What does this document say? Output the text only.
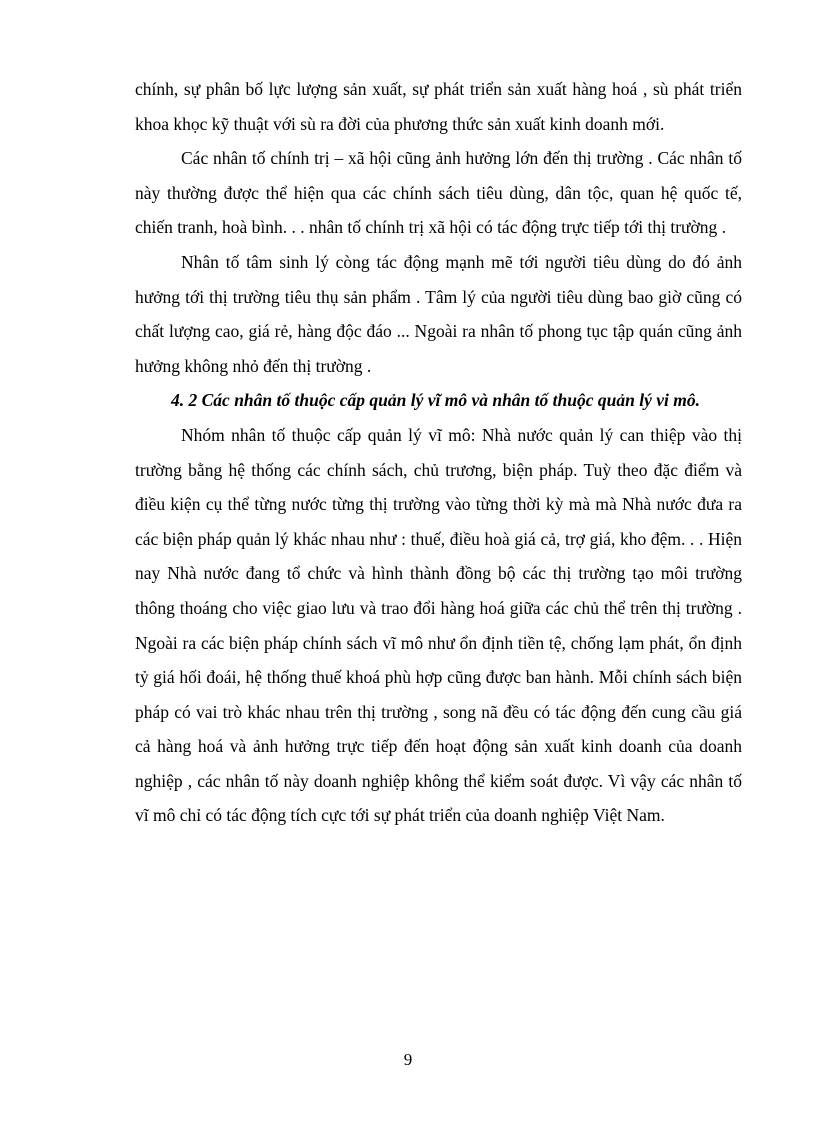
chính, sự phân bố lực lượng sản xuất, sự phát triển sản xuất hàng hoá , sù phát triển khoa khọc kỹ thuật với sù ra đời của phương thức sản xuất kinh doanh mới.

Các nhân tố chính trị – xã hội cũng ảnh hưởng lớn đến thị trường . Các nhân tố này thường được thể hiện qua các chính sách tiêu dùng, dân tộc, quan hệ quốc tế, chiến tranh, hoà bình. . . nhân tố chính trị xã hội có tác động trực tiếp tới thị trường .

Nhân tố tâm sinh lý còng tác động mạnh mẽ tới người tiêu dùng do đó ảnh hưởng tới thị trường tiêu thụ sản phẩm . Tâm lý của người tiêu dùng bao giờ cũng có chất lượng cao, giá rẻ, hàng độc đáo ... Ngoài ra nhân tố phong tục tập quán cũng ảnh hưởng không nhỏ đến thị trường .

4. 2 Các nhân tố thuộc cấp quản lý vĩ mô và nhân tố thuộc quản lý vi mô.

Nhóm nhân tố thuộc cấp quản lý vĩ mô: Nhà nước quản lý can thiệp vào thị trường bằng hệ thống các chính sách, chủ trương, biện pháp. Tuỳ theo đặc điểm và điều kiện cụ thể từng nước từng thị trường vào từng thời kỳ mà mà Nhà nước đưa ra các biện pháp quản lý khác nhau như : thuế, điều hoà giá cả, trợ giá, kho đệm. . . Hiện nay Nhà nước đang tổ chức và hình thành đồng bộ các thị trường tạo môi trường thông thoáng cho việc giao lưu và trao đổi hàng hoá giữa các chủ thể trên thị trường . Ngoài ra các biện pháp chính sách vĩ mô như ổn định tiền tệ, chống lạm phát, ổn định tỷ giá hối đoái, hệ thống thuế khoá phù hợp cũng được ban hành. Mỗi chính sách biện pháp có vai trò khác nhau trên thị trường , song nã đều có tác động đến cung cầu giá cả hàng hoá và ảnh hưởng trực tiếp đến hoạt động sản xuất kinh doanh của doanh nghiệp , các nhân tố này doanh nghiệp không thể kiểm soát được. Vì vậy các nhân tố vĩ mô chỉ có tác động tích cực tới sự phát triển của doanh nghiệp Việt Nam.

9
